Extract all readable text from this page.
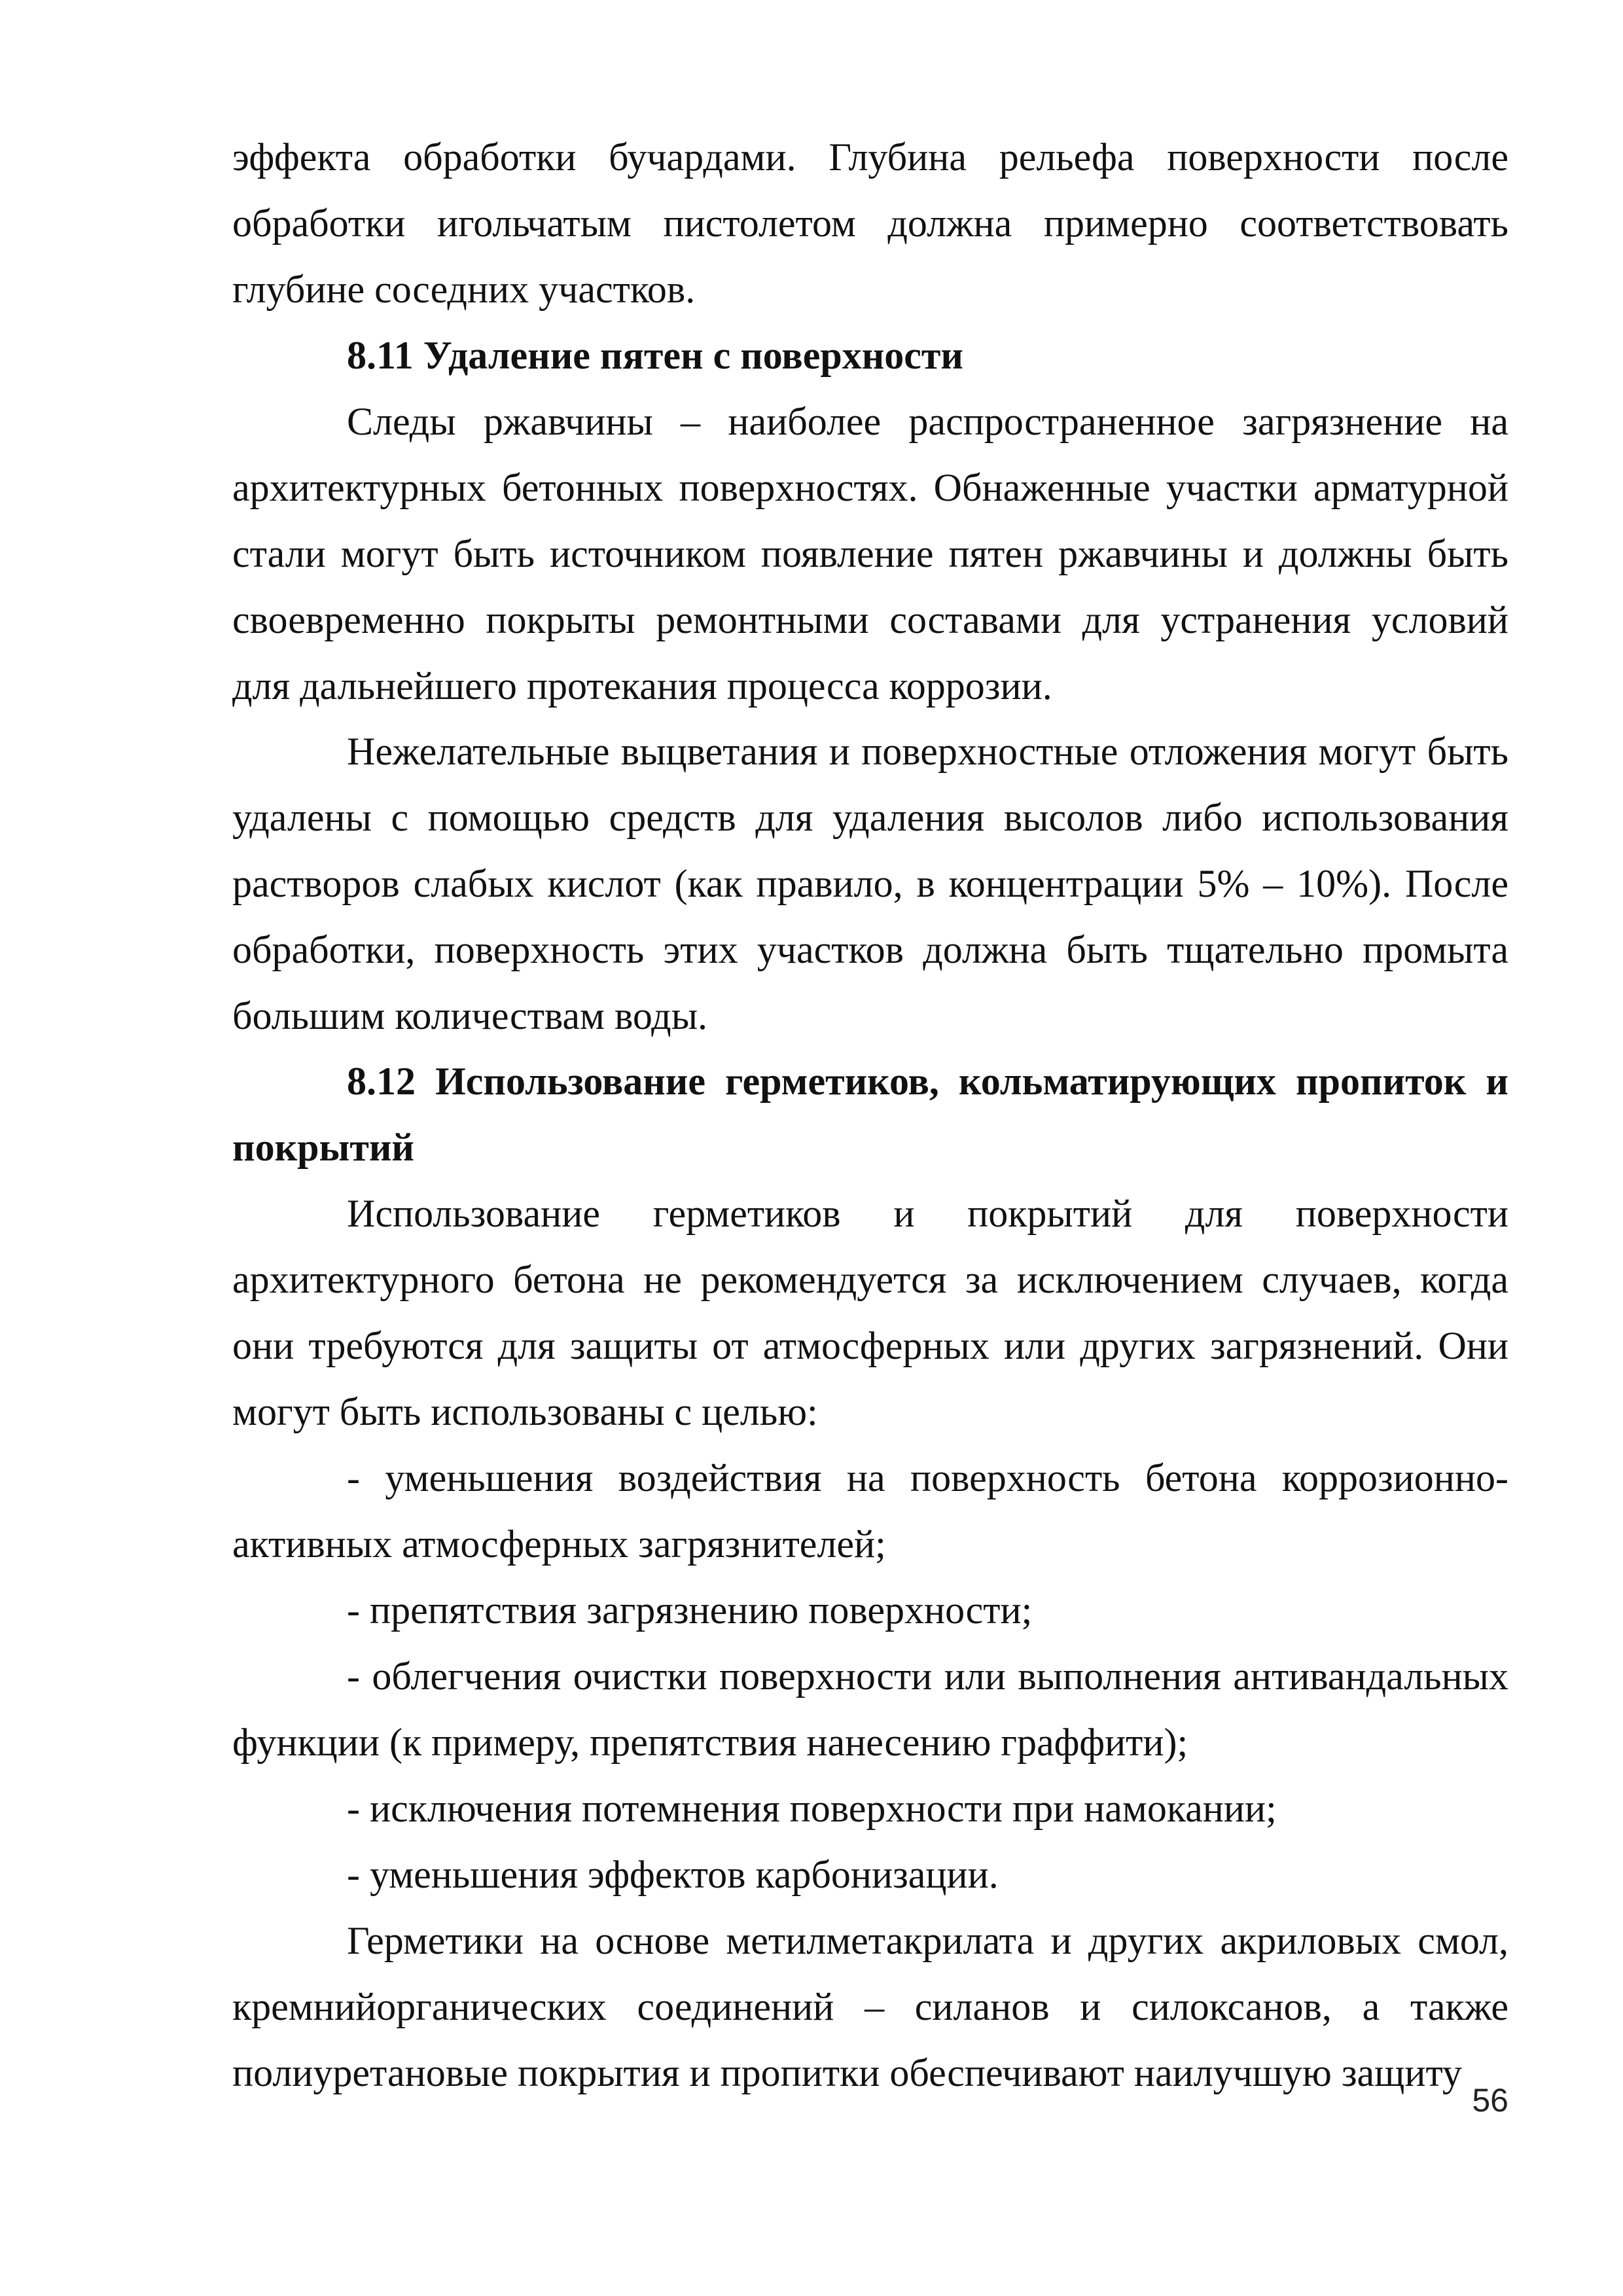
эффекта обработки бучардами. Глубина рельефа поверхности после обработки игольчатым пистолетом должна примерно соответствовать глубине соседних участков.

8.11 Удаление пятен с поверхности

Следы ржавчины – наиболее распространенное загрязнение на архитектурных бетонных поверхностях. Обнаженные участки арматурной стали могут быть источником появление пятен ржавчины и должны быть своевременно покрыты ремонтными составами для устранения условий для дальнейшего протекания процесса коррозии.

Нежелательные выцветания и поверхностные отложения могут быть удалены с помощью средств для удаления высолов либо использования растворов слабых кислот (как правило, в концентрации 5% – 10%). После обработки, поверхность этих участков должна быть тщательно промыта большим количествам воды.

8.12 Использование герметиков, кольматирующих пропиток и покрытий

Использование герметиков и покрытий для поверхности архитектурного бетона не рекомендуется за исключением случаев, когда они требуются для защиты от атмосферных или других загрязнений. Они могут быть использованы с целью:

- уменьшения воздействия на поверхность бетона коррозионно-активных атмосферных загрязнителей;

- препятствия загрязнению поверхности;

- облегчения очистки поверхности или выполнения антивандальных функции (к примеру, препятствия нанесению граффити);

- исключения потемнения поверхности при намокании;

- уменьшения эффектов карбонизации.

Герметики на основе метилметакрилата и других акриловых смол, кремнийорганических соединений – силанов и силоксанов, а также полиуретановые покрытия и пропитки обеспечивают наилучшую защиту

56
